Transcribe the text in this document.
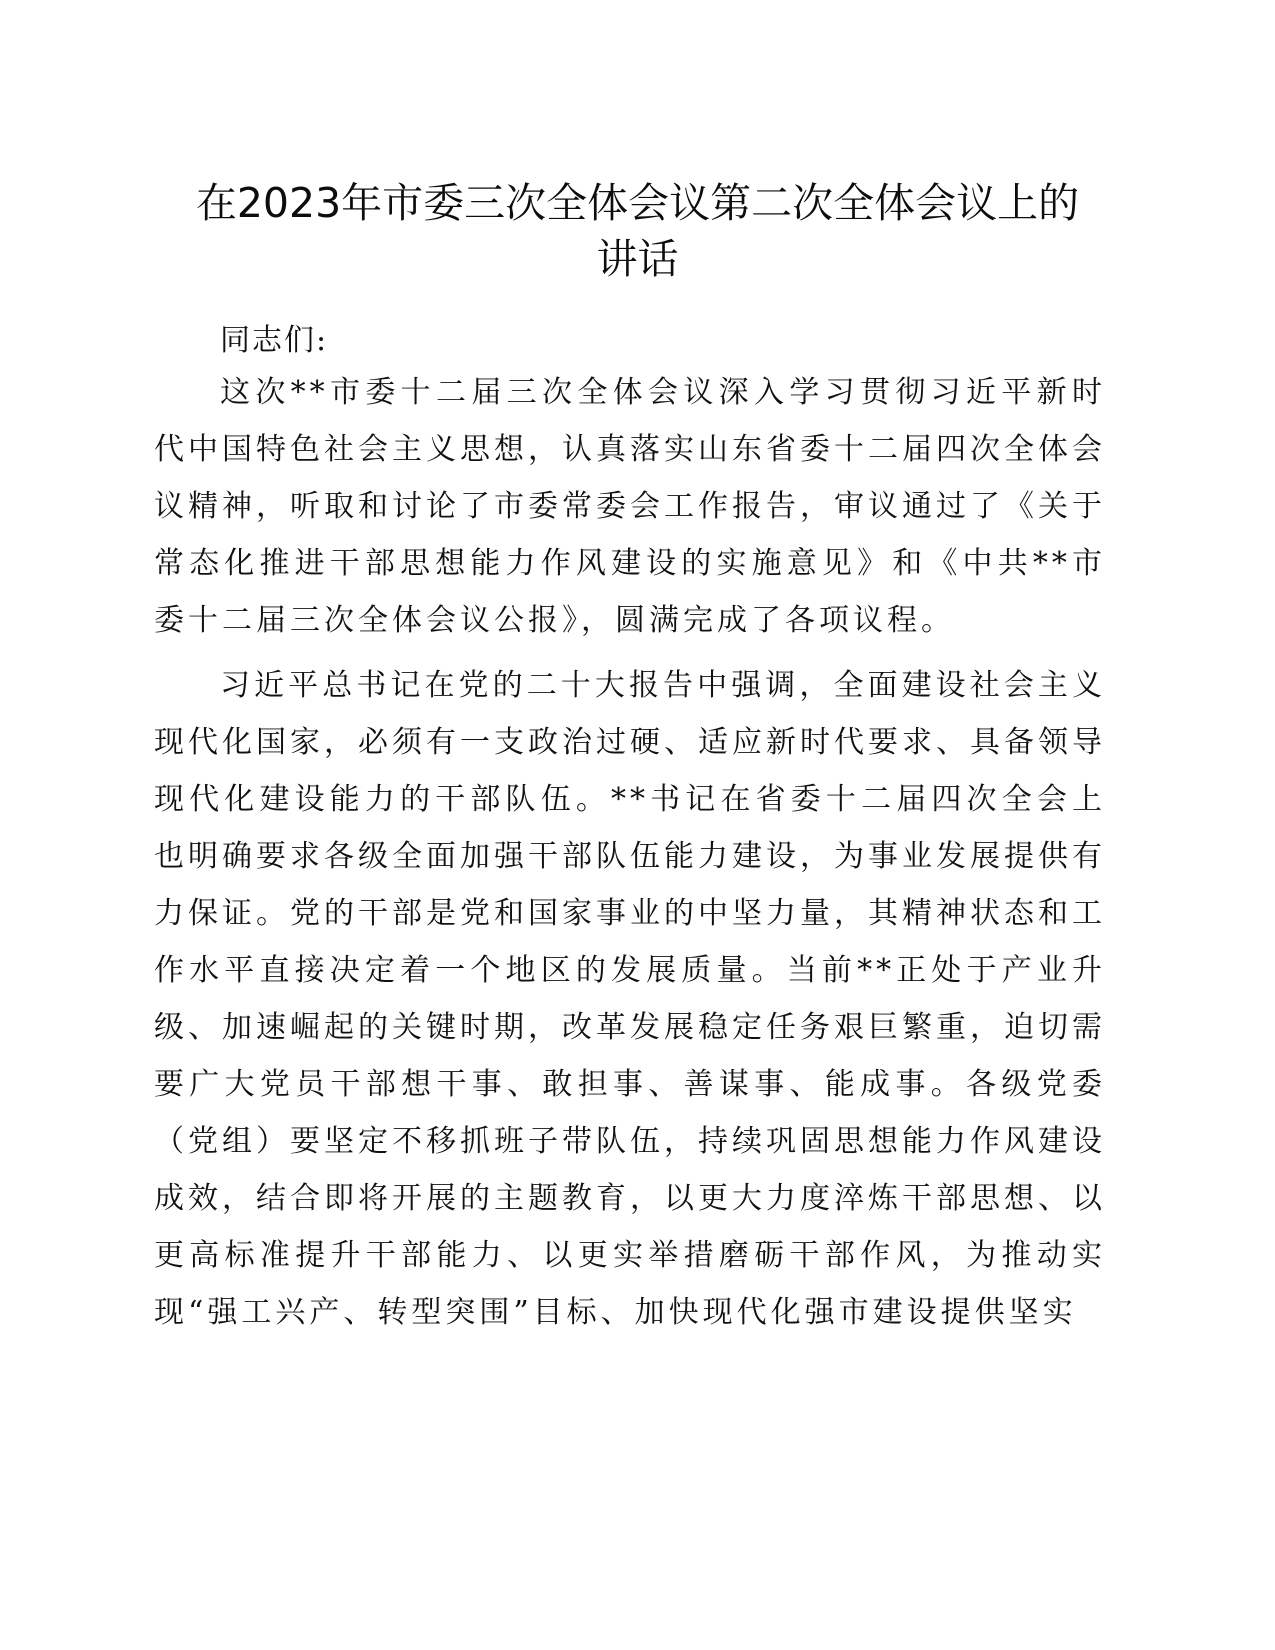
在2023年市委三次全体会议第二次全体会议上的
讲话

同志们:

这次**市委十二届三次全体会议深入学习贯彻习近平新时代中国特色社会主义思想，认真落实山东省委十二届四次全体会议精神，听取和讨论了市委常委会工作报告，审议通过了《关于常态化推进干部思想能力作风建设的实施意见》和《中共**市委十二届三次全体会议公报》，圆满完成了各项议程。

习近平总书记在党的二十大报告中强调，全面建设社会主义现代化国家，必须有一支政治过硬、适应新时代要求、具备领导现代化建设能力的干部队伍。**书记在省委十二届四次全会上也明确要求各级全面加强干部队伍能力建设，为事业发展提供有力保证。党的干部是党和国家事业的中坚力量，其精神状态和工作水平直接决定着一个地区的发展质量。当前**正处于产业升级、加速崛起的关键时期，改革发展稳定任务艰巨繁重，迫切需要广大党员干部想干事、敢担事、善谋事、能成事。各级党委（党组）要坚定不移抓班子带队伍，持续巩固思想能力作风建设成效，结合即将开展的主题教育，以更大力度淬炼干部思想、以更高标准提升干部能力、以更实举措磨砺干部作风，为推动实现“强工兴产、转型突围”目标、加快现代化强市建设提供坚实
